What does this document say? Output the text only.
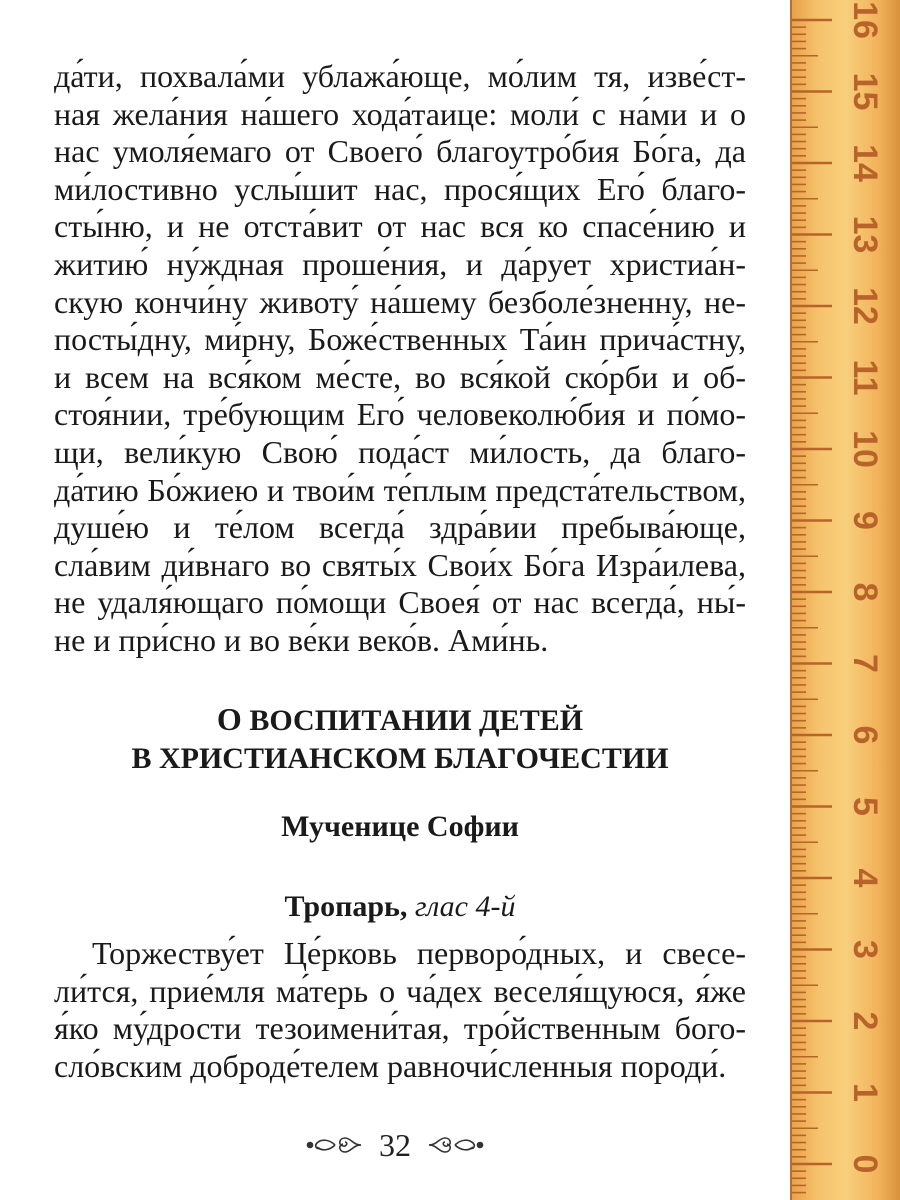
да́ти, похвала́ми ублажа́юще, мо́лим тя, изве́ст-
ная жела́ния на́шего хода́таице: моли́ с на́ми и о
нас умоля́емаго от Своего́ благоутро́бия Бо́га, да
ми́лостивно услы́шит нас, прося́щих Его́ благо-
сты́ню, и не отста́вит от нас вся ко спасе́нию и
житию́ ну́ждная проше́ния, и да́рует христиа́н-
скую кончи́ну животу́ на́шему безболе́зненну, не-
посты́дну, ми́рну, Боже́ственных Та́ин прича́стну,
и всем на вся́ком ме́сте, во вся́кой ско́рби и об-
стоя́нии, тре́бующим Его́ человеколю́бия и по́мо-
щи, вели́кую Свою́ пода́ст ми́лость, да благо-
да́тию Бо́жиею и твои́м те́плым предста́тельством,
душе́ю и те́лом всегда́ здра́вии пребыва́юще,
сла́вим ди́внаго во святы́х Свои́х Бо́га Изра́илева,
не удаля́ющаго по́мощи Своея́ от нас всегда́, ны́-
не и при́сно и во ве́ки веко́в. Ами́нь.

О ВОСПИТАНИИ ДЕТЕЙ
В ХРИСТИАНСКОМ БЛАГОЧЕСТИИ
Мученице Софии
Тропарь, глас 4-й

Торжеству́ет Це́рковь перворо́дных, и свесе-
ли́тся, прие́мля ма́терь о ча́дех веселя́щуюся, я́же
я́ко му́дрости тезоимени́тая, тро́йственным бого-
сло́вским доброде́телем равночи́сленныя породи́.

32
16
15
14
13
12
11
10
9
8
7
6
5
4
3
2
1
0
